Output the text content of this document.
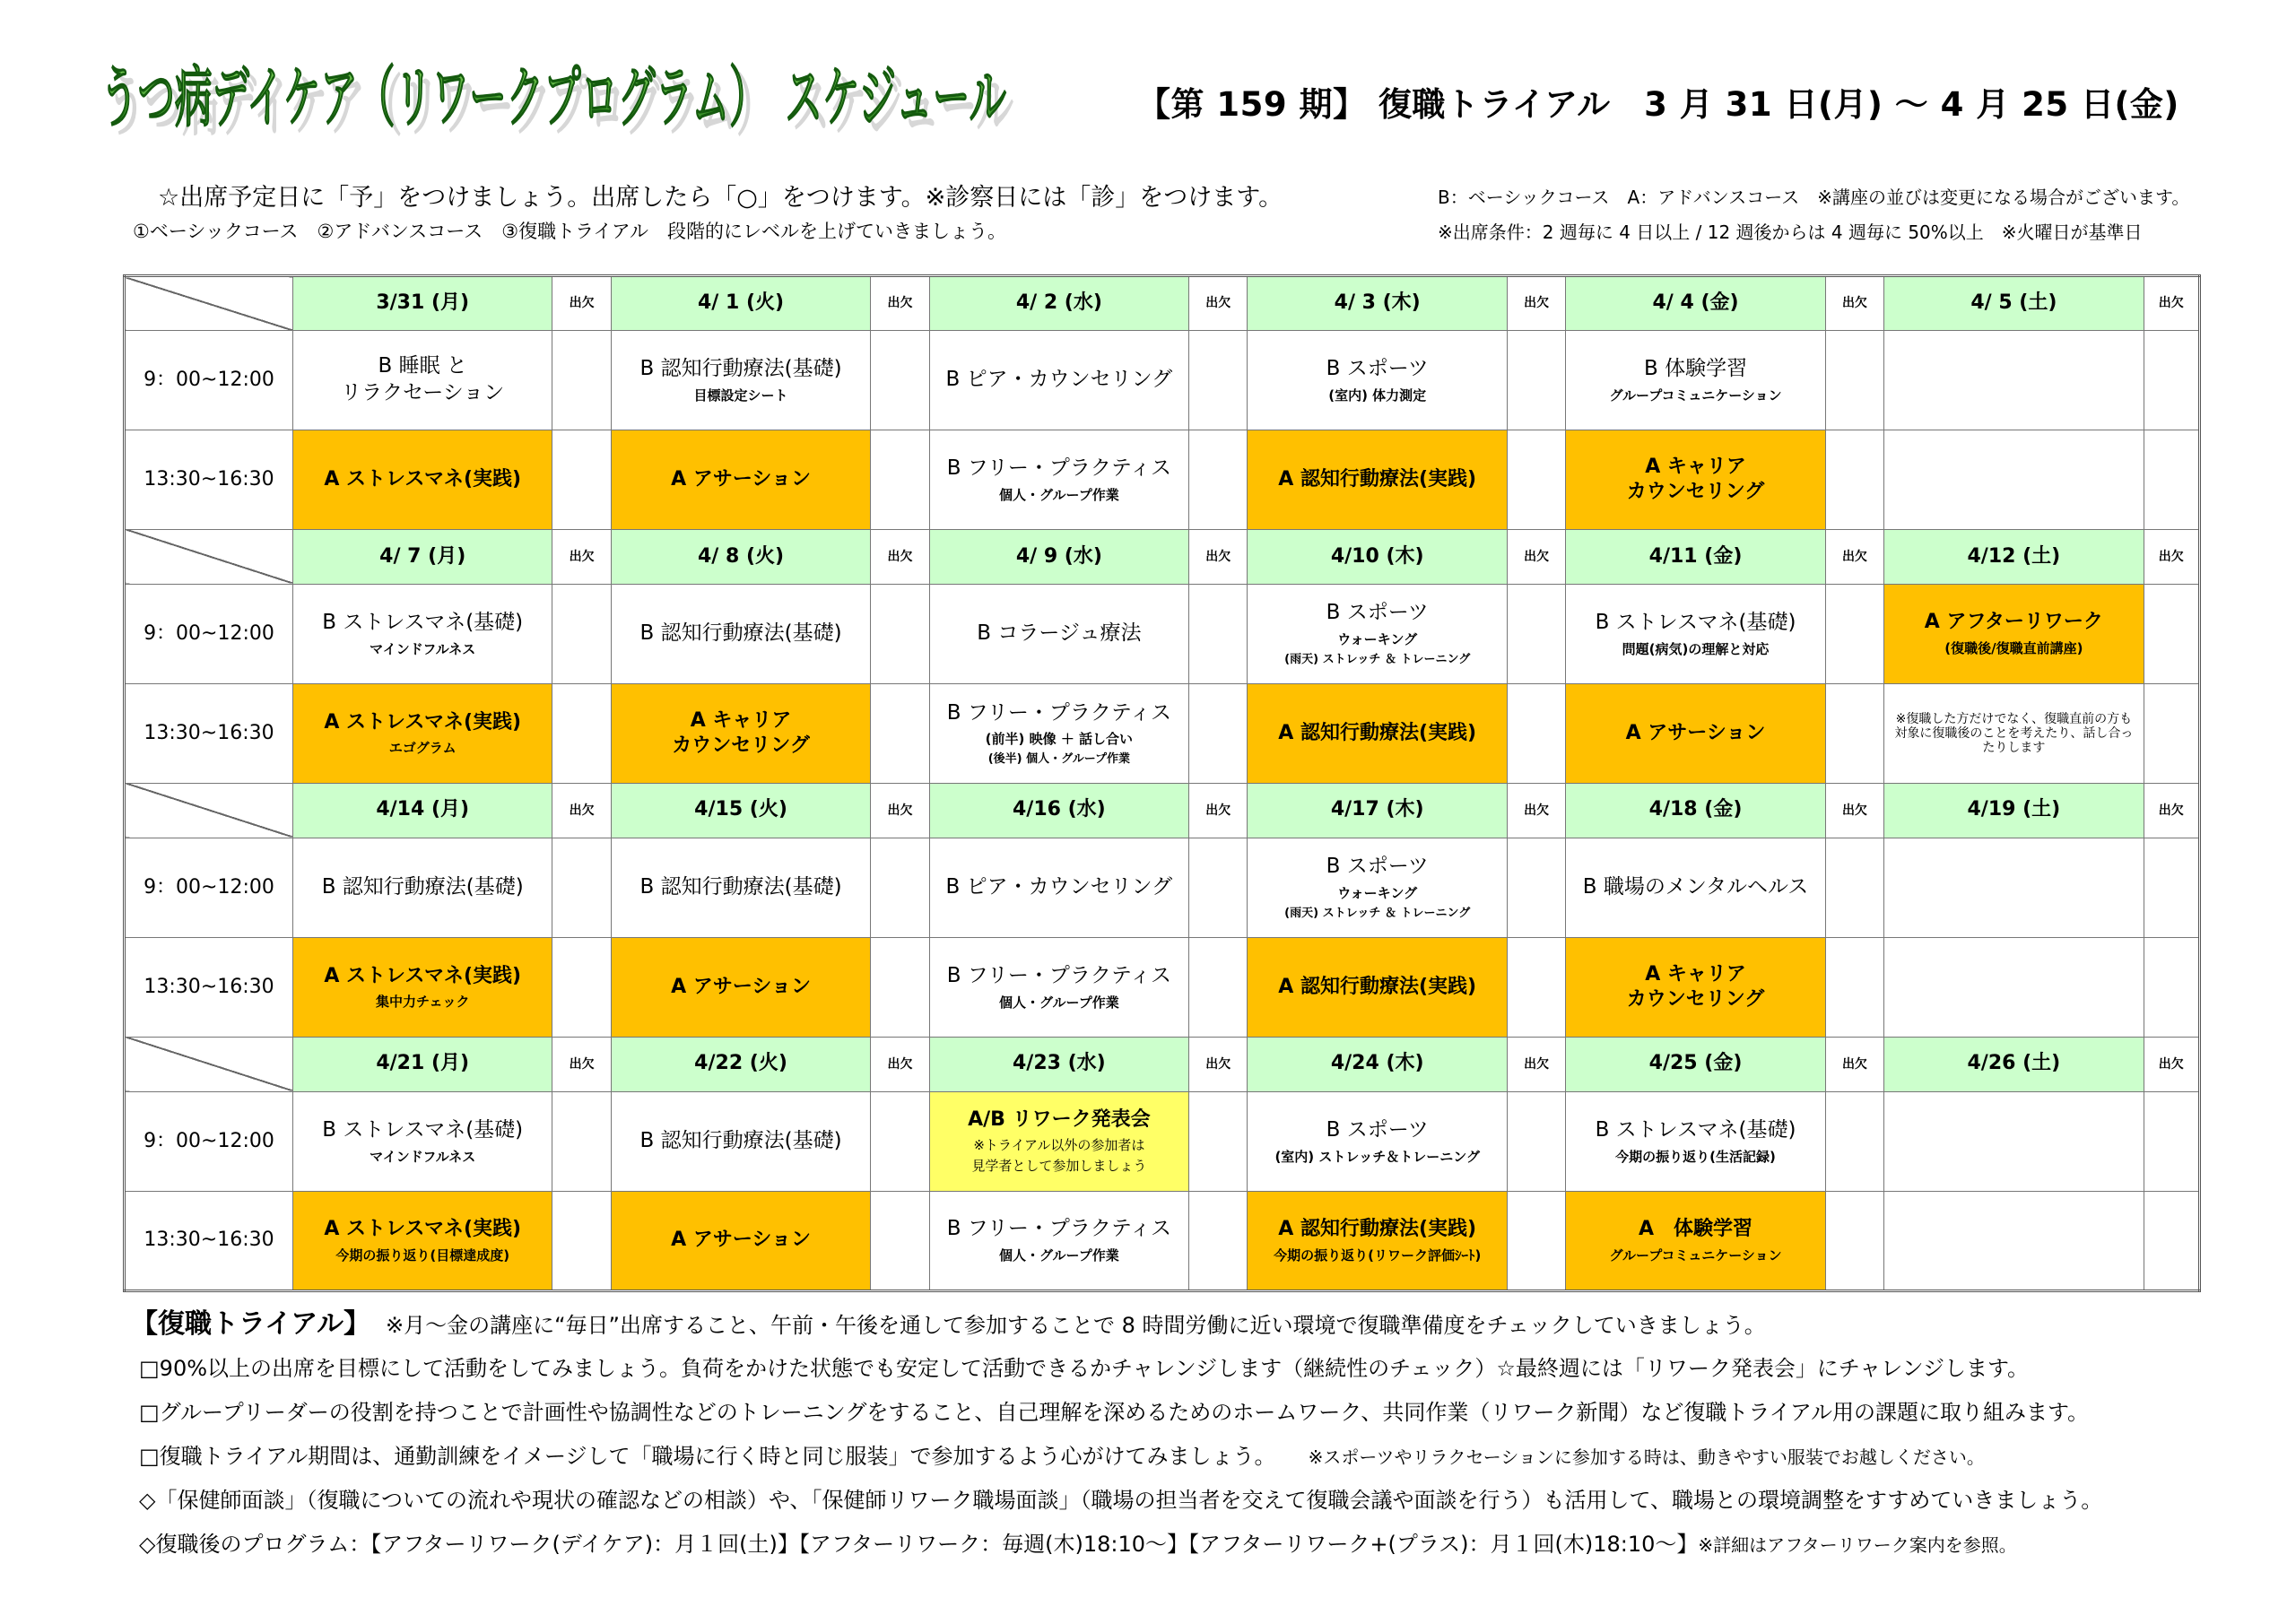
うつ病デイケア（リワークプログラム）　スケジュール
うつ病デイケア（リワークプログラム）　スケジュール	【第 159 期】 復職トライアル　3 月 31 日(月) ～ 4 月 25 日(金)
☆出席予定日に「予」をつけましょう。出席したら「○」をつけます。※診察日には「診」をつけます。
①ベーシックコース　②アドバンスコース　③復職トライアル　段階的にレベルを上げていきましょう。
B：ベーシックコース　A：アドバンスコース　※講座の並びは変更になる場合がございます。
※出席条件：2 週毎に 4 日以上 / 12 週後からは 4 週毎に 50%以上　※火曜日が基準日
	3/31 (月)	出欠	4/ 1 (火)	出欠	4/ 2 (水)	出欠	4/ 3 (木)	出欠	4/ 4 (金)	出欠	4/ 5 (土)	出欠
9：00~12:00	B 睡眠 と
リラクセーション		B 認知行動療法(基礎)
目標設定シート		B ピア・カウンセリング		B スポーツ
(室内) 体力測定		B 体験学習
グループコミュニケーション			

13:30~16:30	A ストレスマネ(実践)		A アサーション		B フリー・プラクティス
個人・グループ作業		A 認知行動療法(実践)		A キャリア
カウンセリング			

	4/ 7 (月)	出欠	4/ 8 (火)	出欠	4/ 9 (水)	出欠	4/10 (木)	出欠	4/11 (金)	出欠	4/12 (土)	出欠
9：00~12:00	B ストレスマネ(基礎)
マインドフルネス		B 認知行動療法(基礎)		B コラージュ療法		B スポーツ
ウォーキング
(雨天) ストレッチ ＆ トレーニング		B ストレスマネ(基礎)
問題(病気)の理解と対応		A アフターリワーク
(復職後/復職直前講座)	

13:30~16:30	A ストレスマネ(実践)
エゴグラム		A キャリア
カウンセリング		B フリー・プラクティス
(前半) 映像 ＋ 話し合い
(後半) 個人・グループ作業		A 認知行動療法(実践)		A アサーション		※復職した方だけでなく、復職直前の方も対象に復職後のことを考えたり、話し合ったりします	

	4/14 (月)	出欠	4/15 (火)	出欠	4/16 (水)	出欠	4/17 (木)	出欠	4/18 (金)	出欠	4/19 (土)	出欠
9：00~12:00	B 認知行動療法(基礎)		B 認知行動療法(基礎)		B ピア・カウンセリング		B スポーツ
ウォーキング
(雨天) ストレッチ ＆ トレーニング		B 職場のメンタルヘルス			

13:30~16:30	A ストレスマネ(実践)
集中力チェック		A アサーション		B フリー・プラクティス
個人・グループ作業		A 認知行動療法(実践)		A キャリア
カウンセリング			

	4/21 (月)	出欠	4/22 (火)	出欠	4/23 (水)	出欠	4/24 (木)	出欠	4/25 (金)	出欠	4/26 (土)	出欠
9：00~12:00	B ストレスマネ(基礎)
マインドフルネス		B 認知行動療法(基礎)		A/B リワーク発表会
※トライアル以外の参加者は
見学者として参加しましょう		B スポーツ
(室内) ストレッチ＆トレーニング		B ストレスマネ(基礎)
今期の振り返り(生活記録)			

13:30~16:30	A ストレスマネ(実践)
今期の振り返り(目標達成度)		A アサーション		B フリー・プラクティス
個人・グループ作業		A 認知行動療法(実践)
今期の振り返り(リワーク評価ｼｰﾄ)		A　体験学習
グループコミュニケーション			

【復職トライアル】 ※月～金の講座に“毎日”出席すること、午前・午後を通して参加することで 8 時間労働に近い環境で復職準備度をチェックしていきましょう。
□90%以上の出席を目標にして活動をしてみましょう。負荷をかけた状態でも安定して活動できるかチャレンジします（継続性のチェック）☆最終週には「リワーク発表会」にチャレンジします。
□グループリーダーの役割を持つことで計画性や協調性などのトレーニングをすること、自己理解を深めるためのホームワーク、共同作業（リワーク新聞）など復職トライアル用の課題に取り組みます。
□復職トライアル期間は、通勤訓練をイメージして「職場に行く時と同じ服装」で参加するよう心がけてみましょう。　　 ※スポーツやリラクセーションに参加する時は、動きやすい服装でお越しください。
◇「保健師面談」（復職についての流れや現状の確認などの相談）や、「保健師リワーク職場面談」（職場の担当者を交えて復職会議や面談を行う）も活用して、職場との環境調整をすすめていきましょう。
◇復職後のプログラム：【アフターリワーク(デイケア)：月１回(土)】【アフターリワーク：毎週(木)18:10～】【アフターリワーク+(プラス)：月１回(木)18:10～】※詳細はアフターリワーク案内を参照。
